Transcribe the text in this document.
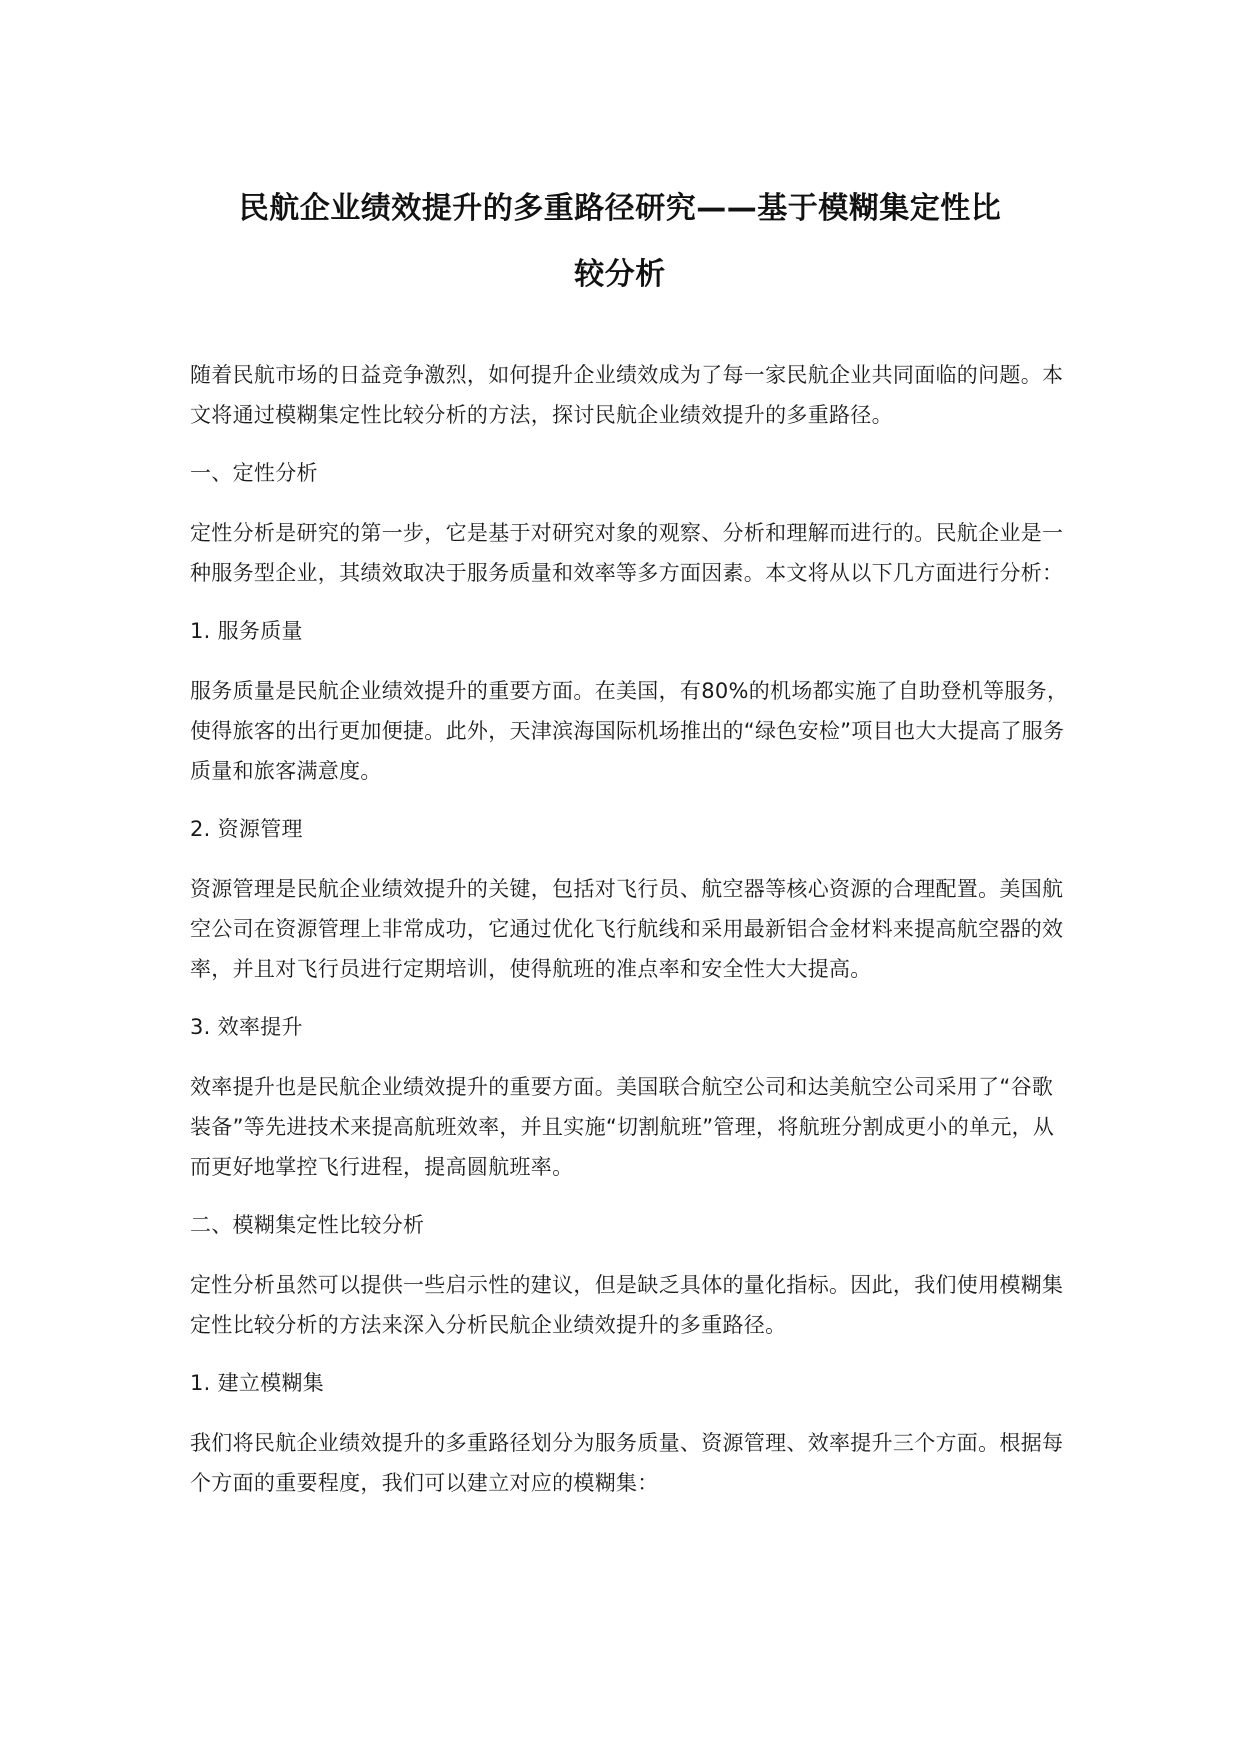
民航企业绩效提升的多重路径研究——基于模糊集定性比
较分析

随着民航市场的日益竞争激烈，如何提升企业绩效成为了每一家民航企业共同面临的问题。本文将通过模糊集定性比较分析的方法，探讨民航企业绩效提升的多重路径。

一、定性分析

定性分析是研究的第一步，它是基于对研究对象的观察、分析和理解而进行的。民航企业是一种服务型企业，其绩效取决于服务质量和效率等多方面因素。本文将从以下几方面进行分析：

1. 服务质量

服务质量是民航企业绩效提升的重要方面。在美国，有80%的机场都实施了自助登机等服务，使得旅客的出行更加便捷。此外，天津滨海国际机场推出的“绿色安检”项目也大大提高了服务质量和旅客满意度。

2. 资源管理

资源管理是民航企业绩效提升的关键，包括对飞行员、航空器等核心资源的合理配置。美国航空公司在资源管理上非常成功，它通过优化飞行航线和采用最新铝合金材料来提高航空器的效率，并且对飞行员进行定期培训，使得航班的准点率和安全性大大提高。

3. 效率提升

效率提升也是民航企业绩效提升的重要方面。美国联合航空公司和达美航空公司采用了“谷歌装备”等先进技术来提高航班效率，并且实施“切割航班”管理，将航班分割成更小的单元，从而更好地掌控飞行进程，提高圆航班率。

二、模糊集定性比较分析

定性分析虽然可以提供一些启示性的建议，但是缺乏具体的量化指标。因此，我们使用模糊集定性比较分析的方法来深入分析民航企业绩效提升的多重路径。

1. 建立模糊集

我们将民航企业绩效提升的多重路径划分为服务质量、资源管理、效率提升三个方面。根据每个方面的重要程度，我们可以建立对应的模糊集：
